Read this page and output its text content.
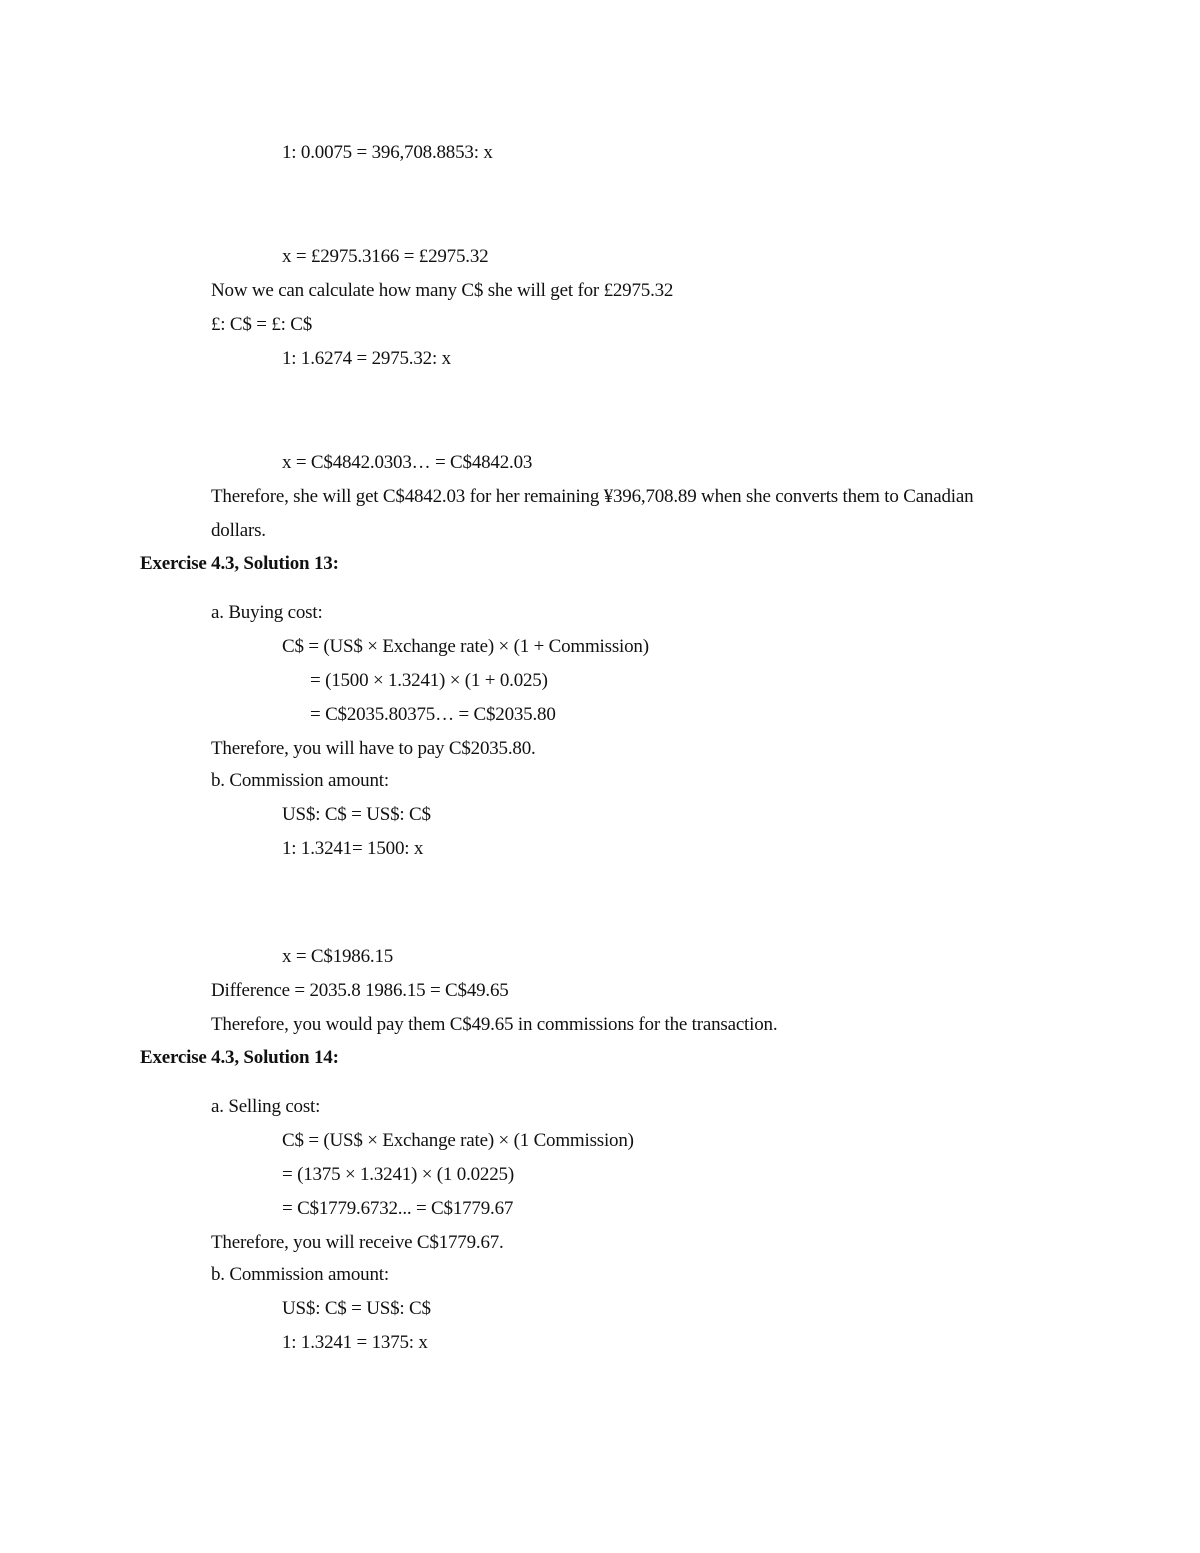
1: 0.0075 = 396,708.8853: x
x = £2975.3166 = £2975.32
Now we can calculate how many C$ she will get for £2975.32
£: C$ = £: C$
1: 1.6274 = 2975.32: x
x = C$4842.0303… = C$4842.03
Therefore, she will get C$4842.03 for her remaining ¥396,708.89 when she converts them to Canadian
dollars.
Exercise 4.3, Solution 13:
a. Buying cost:
C$ = (US$ × Exchange rate) × (1 + Commission)
= (1500 × 1.3241) × (1 + 0.025)
= C$2035.80375… = C$2035.80
Therefore, you will have to pay C$2035.80.
b. Commission amount:
US$: C$ = US$: C$
1: 1.3241= 1500: x
x = C$1986.15
Difference = 2035.8 1986.15 = C$49.65
Therefore, you would pay them C$49.65 in commissions for the transaction.
Exercise 4.3, Solution 14:
a. Selling cost:
C$ = (US$ × Exchange rate) × (1 Commission)
= (1375 × 1.3241) × (1 0.0225)
= C$1779.6732... = C$1779.67
Therefore, you will receive C$1779.67.
b. Commission amount:
US$: C$ = US$: C$
1: 1.3241 = 1375: x
